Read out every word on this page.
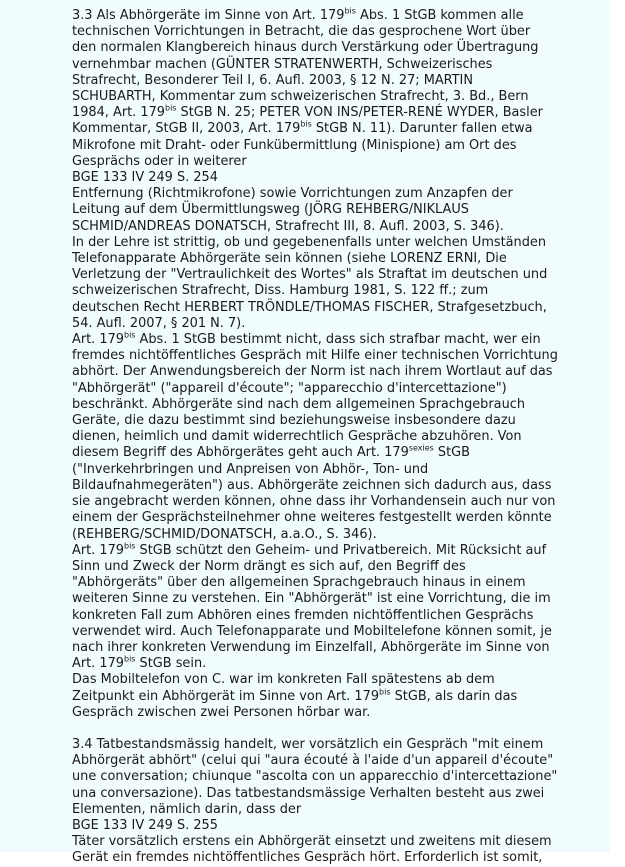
3.3 Als Abhörgeräte im Sinne von Art. $179^{bis}$ Abs. 1 StGB kommen alle technischen Vorrichtungen in Betracht, die das gesprochene Wort über den normalen Klangbereich hinaus durch Verstärkung oder Übertragung vernehmbar machen (GÜNTER STRATENWERTH, Schweizerisches Strafrecht, Besonderer Teil I, 6. Aufl. 2003, § 12 N. 27; MARTIN SCHUBARTH, Kommentar zum schweizerischen Strafrecht, 3. Bd., Bern 1984, Art. $179^{bis}$ StGB N. 25; PETER VON INS/PETER-RENÉ WYDER, Basler Kommentar, StGB II, 2003, Art. $179^{bis}$ StGB N. 11). Darunter fallen etwa Mikrofone mit Draht- oder Funkübermittlung (Minispione) am Ort des Gesprächs oder in weiterer

BGE 133 IV 249 S. 254

Entfernung (Richtmikrofone) sowie Vorrichtungen zum Anzapfen der Leitung auf dem Übermittlungsweg (JÖRG REHBERG/NIKLAUS SCHMID/ANDREAS DONATSCH, Strafrecht III, 8. Aufl. 2003, S. 346).

In der Lehre ist strittig, ob und gegebenenfalls unter welchen Umständen Telefonapparate Abhörgeräte sein können (siehe LORENZ ERNI, Die Verletzung der "Vertraulichkeit des Wortes" als Straftat im deutschen und schweizerischen Strafrecht, Diss. Hamburg 1981, S. 122 ff.; zum deutschen Recht HERBERT TRÖNDLE/THOMAS FISCHER, Strafgesetzbuch, 54. Aufl. 2007, § 201 N. 7).

Art. $179^{bis}$ Abs. 1 StGB bestimmt nicht, dass sich strafbar macht, wer ein fremdes nichtöffentliches Gespräch mit Hilfe einer technischen Vorrichtung abhört. Der Anwendungsbereich der Norm ist nach ihrem Wortlaut auf das "Abhörgerät" ("appareil d'écoute"; "apparecchio d'intercettazione") beschränkt. Abhörgeräte sind nach dem allgemeinen Sprachgebrauch Geräte, die dazu bestimmt sind beziehungsweise insbesondere dazu dienen, heimlich und damit widerrechtlich Gespräche abzuhören. Von diesem Begriff des Abhörgerätes geht auch Art. $179^{sexies}$ StGB ("Inverkehrbringen und Anpreisen von Abhör-, Ton- und Bildaufnahmegeräten") aus. Abhörgeräte zeichnen sich dadurch aus, dass sie angebracht werden können, ohne dass ihr Vorhandensein auch nur von einem der Gesprächsteilnehmer ohne weiteres festgestellt werden könnte (REHBERG/SCHMID/DONATSCH, a.a.O., S. 346).

Art. $179^{bis}$ StGB schützt den Geheim- und Privatbereich. Mit Rücksicht auf Sinn und Zweck der Norm drängt es sich auf, den Begriff des "Abhörgeräts" über den allgemeinen Sprachgebrauch hinaus in einem weiteren Sinne zu verstehen. Ein "Abhörgerät" ist eine Vorrichtung, die im konkreten Fall zum Abhören eines fremden nichtöffentlichen Gesprächs verwendet wird. Auch Telefonapparate und Mobiltelefone können somit, je nach ihrer konkreten Verwendung im Einzelfall, Abhörgeräte im Sinne von Art. $179^{bis}$ StGB sein.

Das Mobiltelefon von C. war im konkreten Fall spätestens ab dem Zeitpunkt ein Abhörgerät im Sinne von Art. $179^{bis}$ StGB, als darin das Gespräch zwischen zwei Personen hörbar war.

3.4 Tatbestandsmässig handelt, wer vorsätzlich ein Gespräch "mit einem Abhörgerät abhört" (celui qui "aura écouté à l'aide d'un appareil d'écoute" une conversation; chiunque "ascolta con un apparecchio d'intercettazione" una conversazione). Das tatbestandsmässige Verhalten besteht aus zwei Elementen, nämlich darin, dass der

BGE 133 IV 249 S. 255

Täter vorsätzlich erstens ein Abhörgerät einsetzt und zweitens mit diesem Gerät ein fremdes nichtöffentliches Gespräch hört. Erforderlich ist somit,
